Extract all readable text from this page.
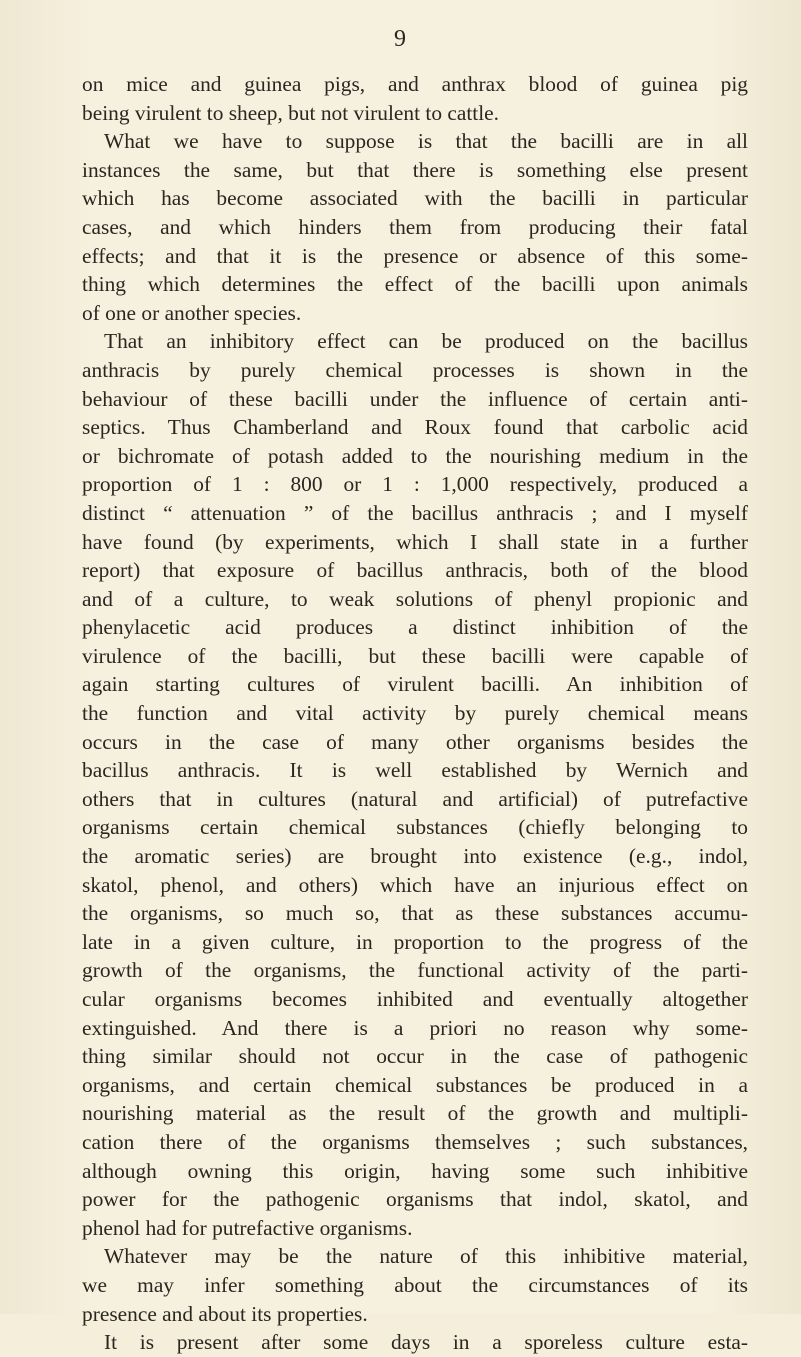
9
on mice and guinea pigs, and anthrax blood of guinea pig
being virulent to sheep, but not virulent to cattle.
What we have to suppose is that the bacilli are in all
instances the same, but that there is something else present
which has become associated with the bacilli in particular
cases, and which hinders them from producing their fatal
effects; and that it is the presence or absence of this some-
thing which determines the effect of the bacilli upon animals
of one or another species.
That an inhibitory effect can be produced on the bacillus
anthracis by purely chemical processes is shown in the
behaviour of these bacilli under the influence of certain anti-
septics. Thus Chamberland and Roux found that carbolic acid
or bichromate of potash added to the nourishing medium in the
proportion of 1 : 800 or 1 : 1,000 respectively, produced a
distinct “ attenuation ” of the bacillus anthracis ; and I myself
have found (by experiments, which I shall state in a further
report) that exposure of bacillus anthracis, both of the blood
and of a culture, to weak solutions of phenyl propionic and
phenylacetic acid produces a distinct inhibition of the
virulence of the bacilli, but these bacilli were capable of
again starting cultures of virulent bacilli. An inhibition of
the function and vital activity by purely chemical means
occurs in the case of many other organisms besides the
bacillus anthracis. It is well established by Wernich and
others that in cultures (natural and artificial) of putrefactive
organisms certain chemical substances (chiefly belonging to
the aromatic series) are brought into existence (e.g., indol,
skatol, phenol, and others) which have an injurious effect on
the organisms, so much so, that as these substances accumu-
late in a given culture, in proportion to the progress of the
growth of the organisms, the functional activity of the parti-
cular organisms becomes inhibited and eventually altogether
extinguished. And there is a priori no reason why some-
thing similar should not occur in the case of pathogenic
organisms, and certain chemical substances be produced in a
nourishing material as the result of the growth and multipli-
cation there of the organisms themselves ; such substances,
although owning this origin, having some such inhibitive
power for the pathogenic organisms that indol, skatol, and
phenol had for putrefactive organisms.
Whatever may be the nature of this inhibitive material,
we may infer something about the circumstances of its
presence and about its properties.
It is present after some days in a sporeless culture esta-
